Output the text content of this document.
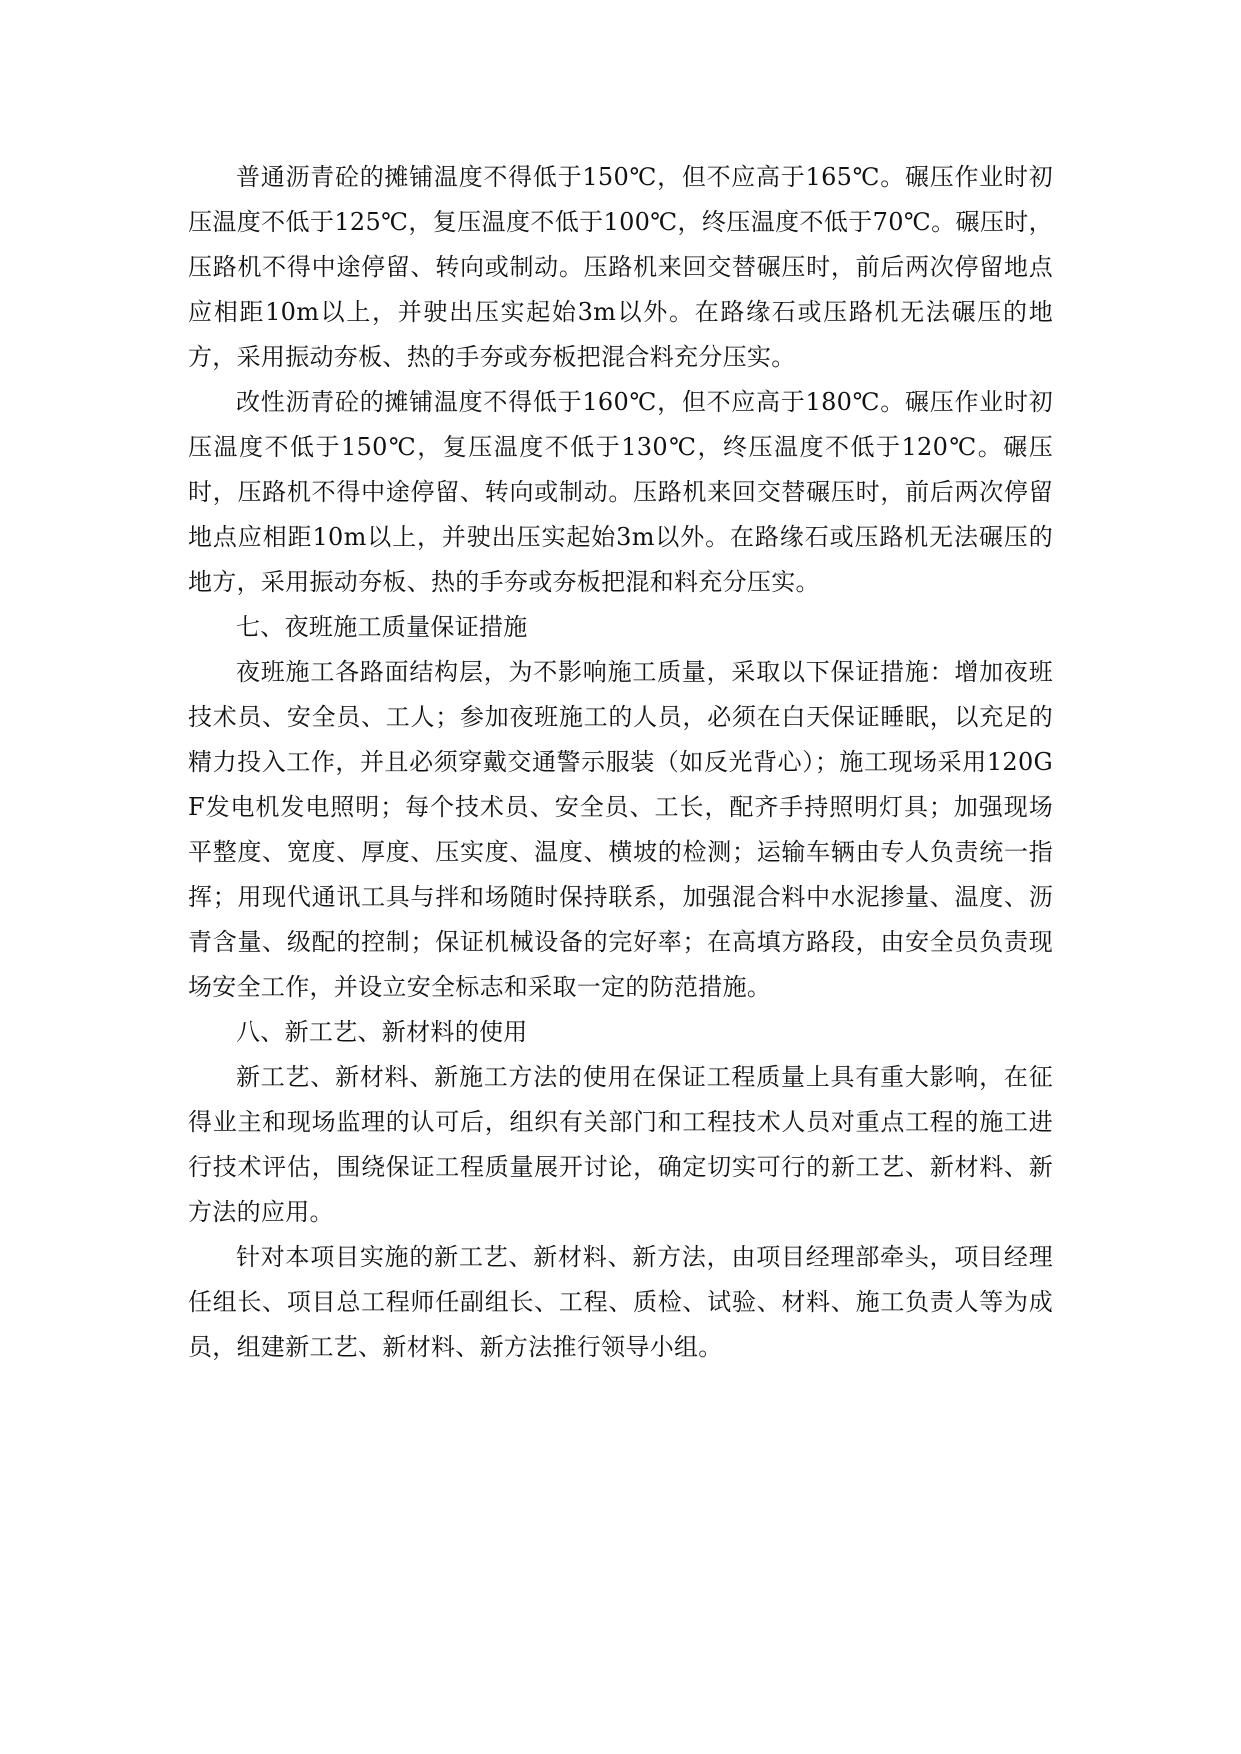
普通沥青砼的摊铺温度不得低于150℃，但不应高于165℃。碾压作业时初压温度不低于125℃，复压温度不低于100℃，终压温度不低于70℃。碾压时，压路机不得中途停留、转向或制动。压路机来回交替碾压时，前后两次停留地点应相距10m以上，并驶出压实起始3m以外。在路缘石或压路机无法碾压的地方，采用振动夯板、热的手夯或夯板把混合料充分压实。

改性沥青砼的摊铺温度不得低于160℃，但不应高于180℃。碾压作业时初压温度不低于150℃，复压温度不低于130℃，终压温度不低于120℃。碾压时，压路机不得中途停留、转向或制动。压路机来回交替碾压时，前后两次停留地点应相距10m以上，并驶出压实起始3m以外。在路缘石或压路机无法碾压的地方，采用振动夯板、热的手夯或夯板把混和料充分压实。

七、夜班施工质量保证措施

夜班施工各路面结构层，为不影响施工质量，采取以下保证措施：增加夜班技术员、安全员、工人；参加夜班施工的人员，必须在白天保证睡眠，以充足的精力投入工作，并且必须穿戴交通警示服装（如反光背心）；施工现场采用120GF发电机发电照明；每个技术员、安全员、工长，配齐手持照明灯具；加强现场平整度、宽度、厚度、压实度、温度、横坡的检测；运输车辆由专人负责统一指挥；用现代通讯工具与拌和场随时保持联系，加强混合料中水泥掺量、温度、沥青含量、级配的控制；保证机械设备的完好率；在高填方路段，由安全员负责现场安全工作，并设立安全标志和采取一定的防范措施。

八、新工艺、新材料的使用

新工艺、新材料、新施工方法的使用在保证工程质量上具有重大影响，在征得业主和现场监理的认可后，组织有关部门和工程技术人员对重点工程的施工进行技术评估，围绕保证工程质量展开讨论，确定切实可行的新工艺、新材料、新方法的应用。

针对本项目实施的新工艺、新材料、新方法，由项目经理部牵头，项目经理任组长、项目总工程师任副组长、工程、质检、试验、材料、施工负责人等为成员，组建新工艺、新材料、新方法推行领导小组。
